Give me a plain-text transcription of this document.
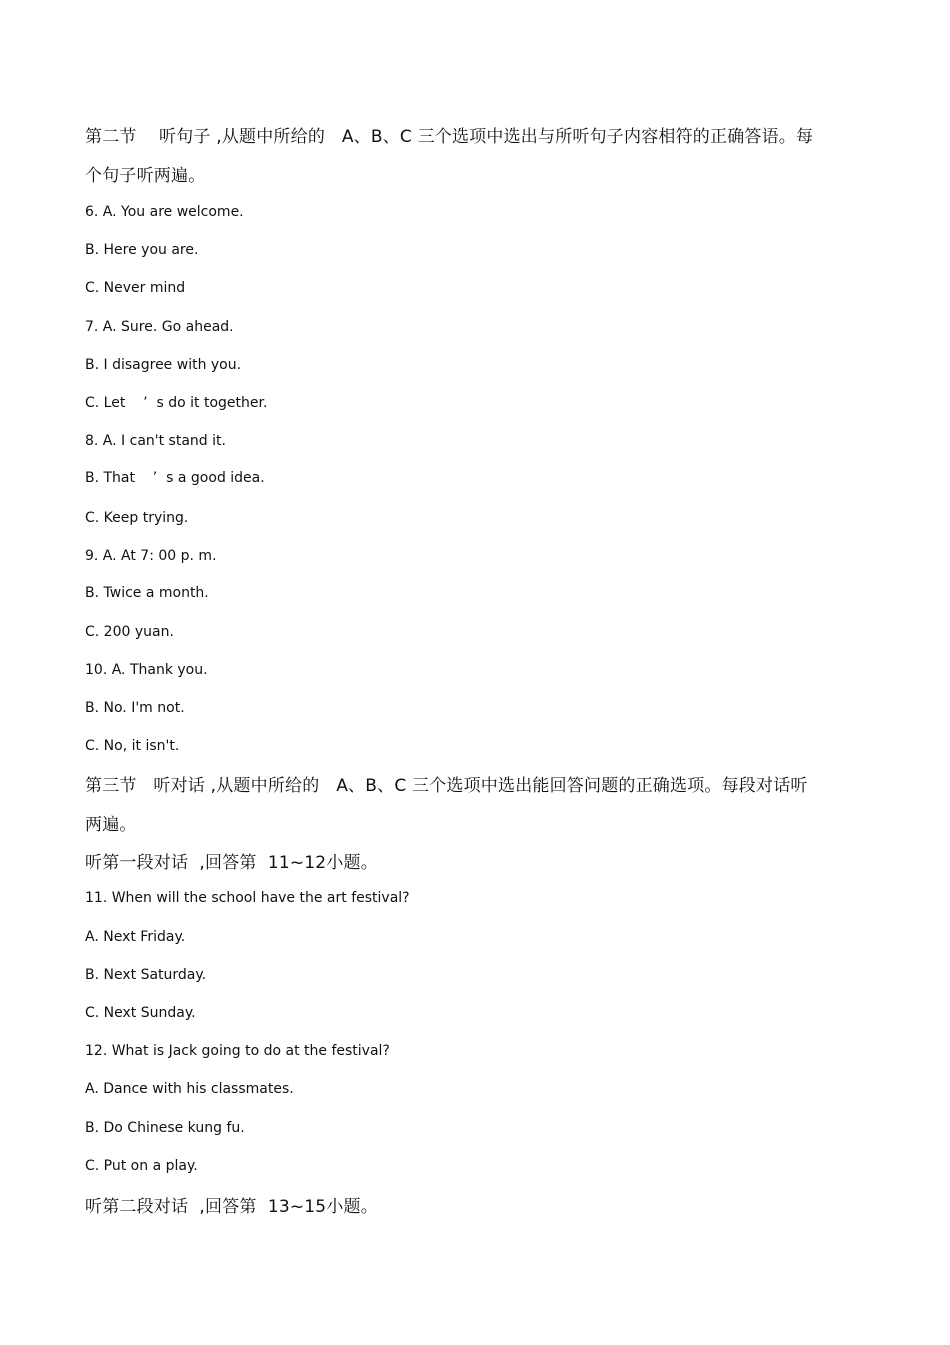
第二节    听句子 ,从题中所给的   A、B、C 三个选项中选出与所听句子内容相符的正确答语。每
个句子听两遍。
6. A. You are welcome.
B. Here you are.
C. Never mind
7. A. Sure. Go ahead.
B. I disagree with you.
C. Let    ’  s do it together.
8. A. I can't stand it.
B. That    ’  s a good idea.
C. Keep trying.
9. A. At 7: 00 p. m.
B. Twice a month.
C. 200 yuan.
10. A. Thank you.
B. No. I'm not.
C. No, it isn't.
第三节   听对话 ,从题中所给的   A、B、C 三个选项中选出能回答问题的正确选项。每段对话听
两遍。
听第一段对话  ,回答第  11~12小题。
11. When will the school have the art festival?
A. Next Friday.
B. Next Saturday.
C. Next Sunday.
12. What is Jack going to do at the festival?
A. Dance with his classmates.
B. Do Chinese kung fu.
C. Put on a play.
听第二段对话  ,回答第  13~15小题。
